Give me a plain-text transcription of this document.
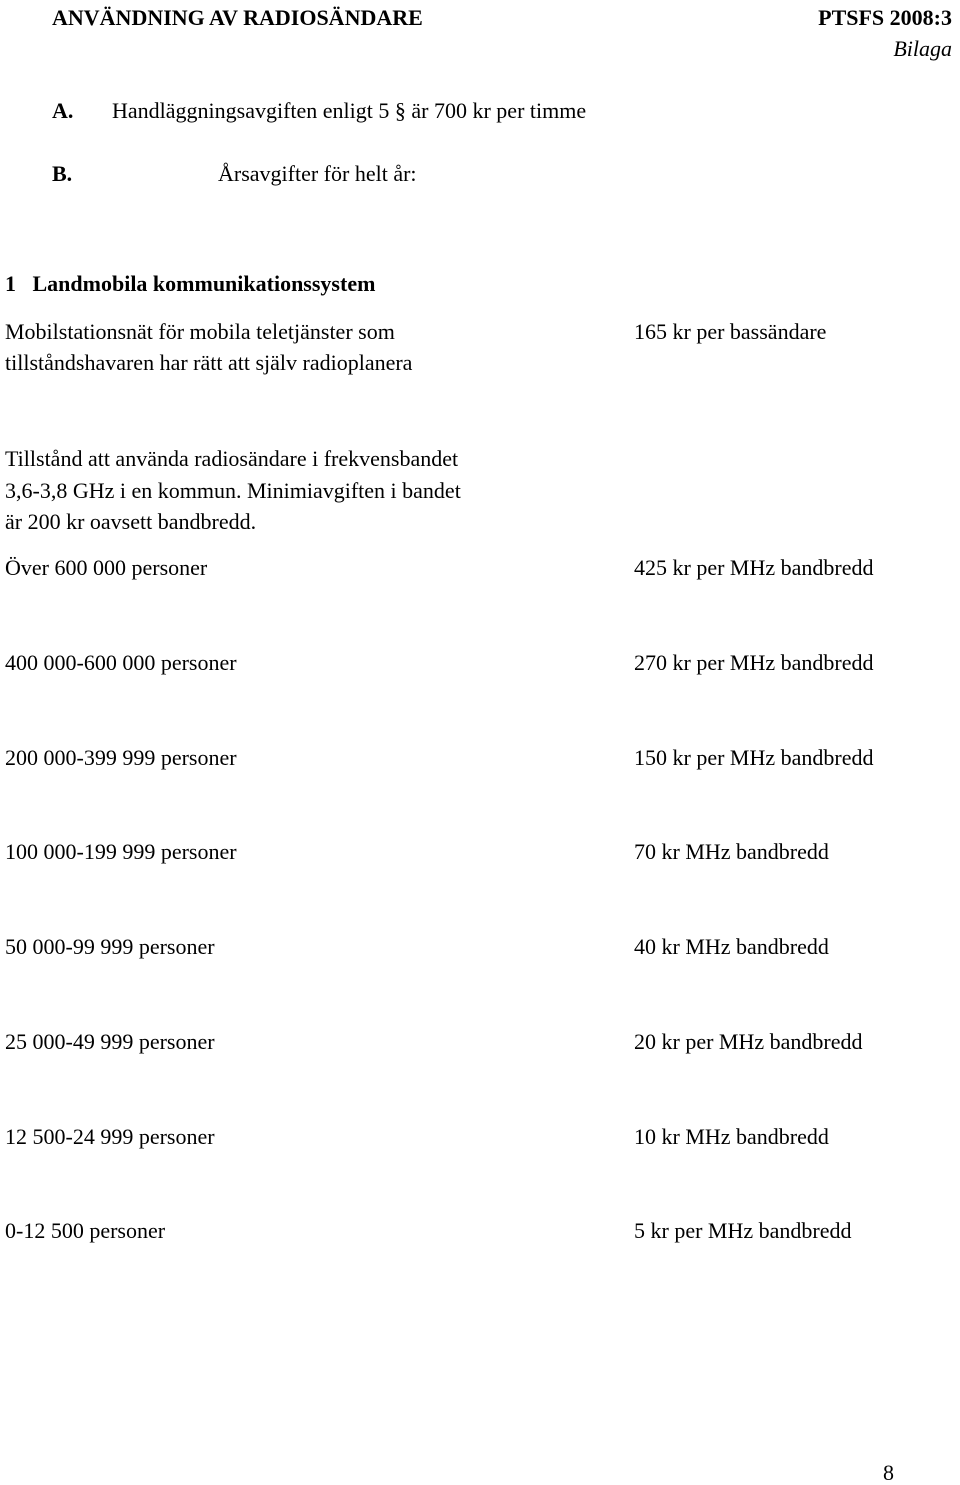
ANVÄNDNING AV RADIOSÄNDARE	PTSFS 2008:3
Bilaga
A. Handläggningsavgiften enligt 5 § är 700 kr per timme
B.	Årsavgifter för helt år:
1   Landmobila kommunikationssystem
Mobilstationsnät för mobila teletjänster som
tillståndshavaren har rätt att själv radioplanera
165 kr per bassändare
Tillstånd att använda radiosändare i frekvensbandet
3,6-3,8 GHz i en kommun. Minimiavgiften i bandet
är 200 kr oavsett bandbredd.
Över 600 000 personer	425 kr per MHz bandbredd
400 000-600 000 personer	270 kr per MHz bandbredd
200 000-399 999 personer	150 kr per MHz bandbredd
100 000-199 999 personer	70 kr MHz bandbredd
50 000-99 999 personer	40 kr MHz bandbredd
25 000-49 999 personer	20 kr per MHz bandbredd
12 500-24 999 personer	10 kr MHz bandbredd
0-12 500 personer	5 kr per MHz bandbredd
8
